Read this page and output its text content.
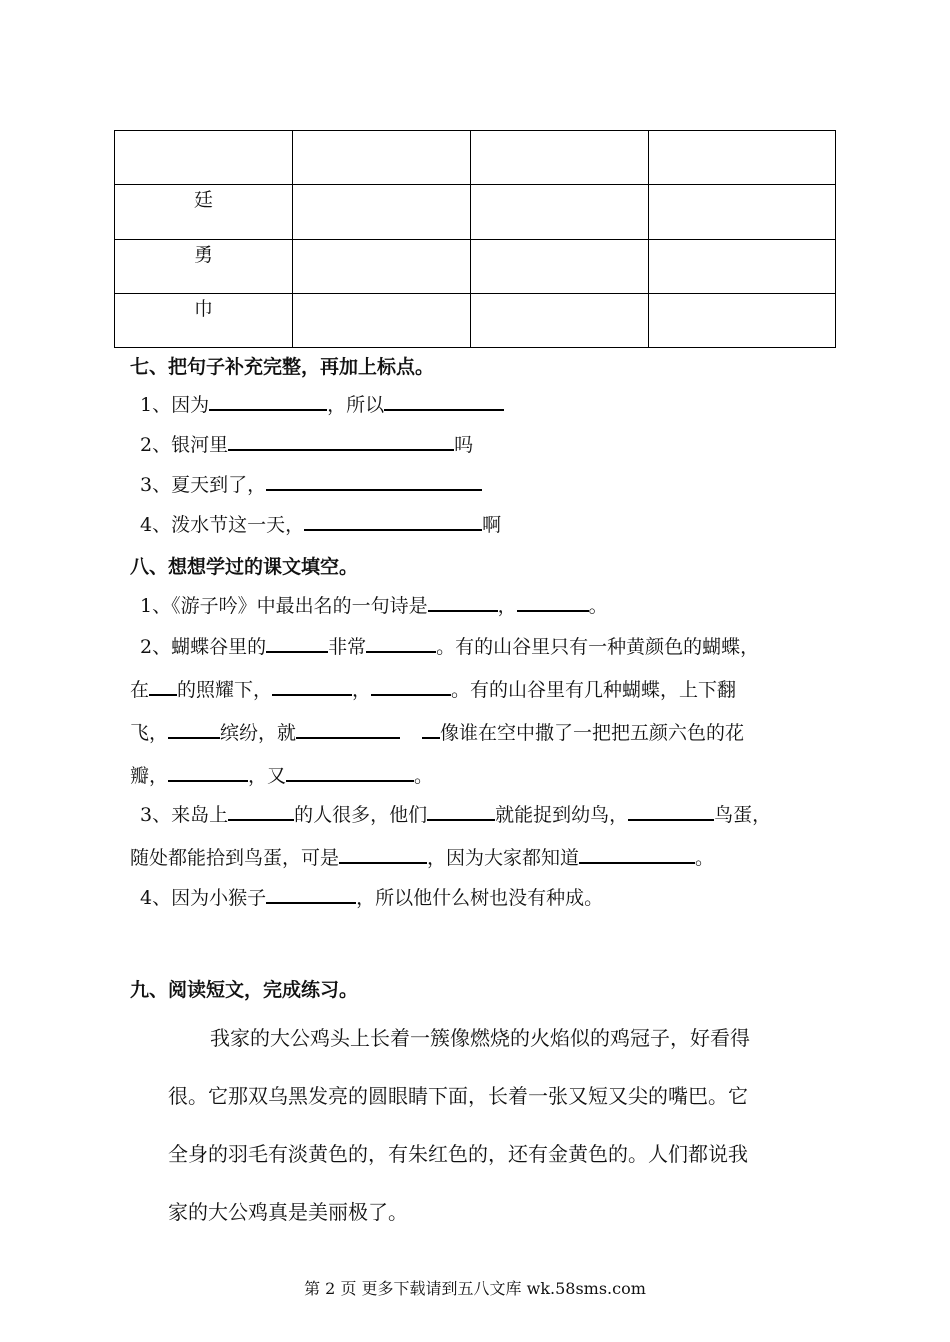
廷			
勇			
巾			
七、把句子补充完整，再加上标点。
1、因为	，所以
2、银河里	吗
3、夏天到了，
4、泼水节这一天，	啊
八、想想学过的课文填空。
1、《游子吟》中最出名的一句诗是	，	。
2、蝴蝶谷里的	非常	。有的山谷里只有一种黄颜色的蝴蝶，
在 的照耀下，	，	。有的山谷里有几种蝴蝶，上下翻
飞，	缤纷，就	像谁在空中撒了一把把五颜六色的花
瓣，	，又	。
3、来岛上	的人很多，他们	就能捉到幼鸟，	鸟蛋，
随处都能拾到鸟蛋，可是	，因为大家都知道	。
4、因为小猴子	，所以他什么树也没有种成。
九、阅读短文，完成练习。
我家的大公鸡头上长着一簇像燃烧的火焰似的鸡冠子，好看得
很。它那双乌黑发亮的圆眼睛下面，长着一张又短又尖的嘴巴。它
全身的羽毛有淡黄色的，有朱红色的，还有金黄色的。人们都说我
家的大公鸡真是美丽极了。
第 2 页 更多下载请到五八文库 wk.58sms.com
